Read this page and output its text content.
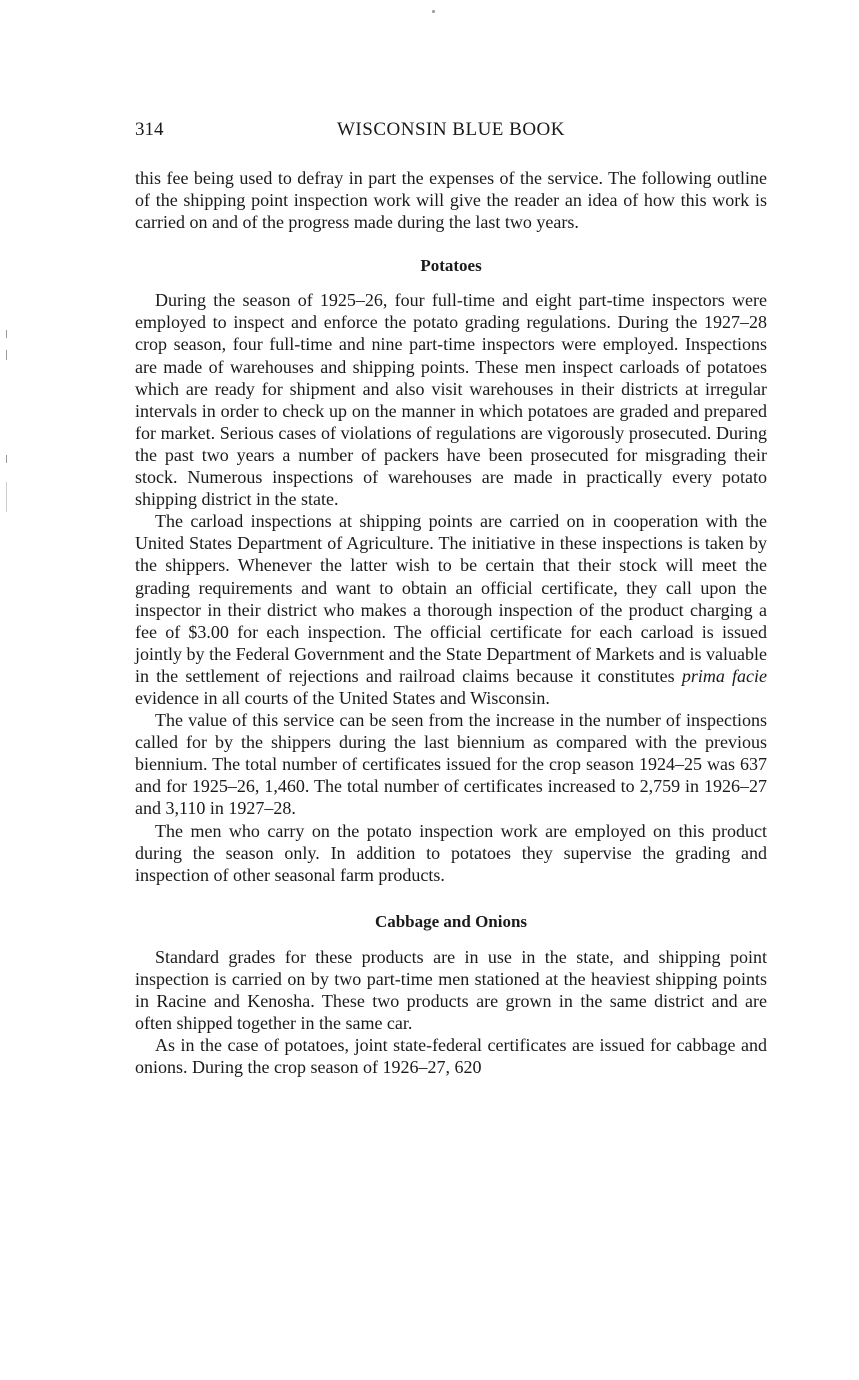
314	WISCONSIN BLUE BOOK

this fee being used to defray in part the expenses of the service. The following outline of the shipping point inspection work will give the reader an idea of how this work is carried on and of the progress made during the last two years.

Potatoes

During the season of 1925–26, four full-time and eight part-time inspectors were employed to inspect and enforce the potato grading regulations. During the 1927–28 crop season, four full-time and nine part-time inspectors were employed. Inspections are made of warehouses and shipping points. These men inspect carloads of potatoes which are ready for shipment and also visit warehouses in their districts at irregular intervals in order to check up on the manner in which potatoes are graded and prepared for market. Serious cases of violations of regulations are vigorously prosecuted. During the past two years a number of packers have been prosecuted for misgrading their stock. Numerous inspections of warehouses are made in practically every potato shipping district in the state.

The carload inspections at shipping points are carried on in cooperation with the United States Department of Agriculture. The initiative in these inspections is taken by the shippers. Whenever the latter wish to be certain that their stock will meet the grading requirements and want to obtain an official certificate, they call upon the inspector in their district who makes a thorough inspection of the product charging a fee of $3.00 for each inspection. The official certificate for each carload is issued jointly by the Federal Government and the State Department of Markets and is valuable in the settlement of rejections and railroad claims because it constitutes prima facie evidence in all courts of the United States and Wisconsin.

The value of this service can be seen from the increase in the number of inspections called for by the shippers during the last biennium as compared with the previous biennium. The total number of certificates issued for the crop season 1924–25 was 637 and for 1925–26, 1,460. The total number of certificates increased to 2,759 in 1926–27 and 3,110 in 1927–28.

The men who carry on the potato inspection work are employed on this product during the season only. In addition to potatoes they supervise the grading and inspection of other seasonal farm products.

Cabbage and Onions

Standard grades for these products are in use in the state, and shipping point inspection is carried on by two part-time men stationed at the heaviest shipping points in Racine and Kenosha. These two products are grown in the same district and are often shipped together in the same car.

As in the case of potatoes, joint state-federal certificates are issued for cabbage and onions. During the crop season of 1926–27, 620
